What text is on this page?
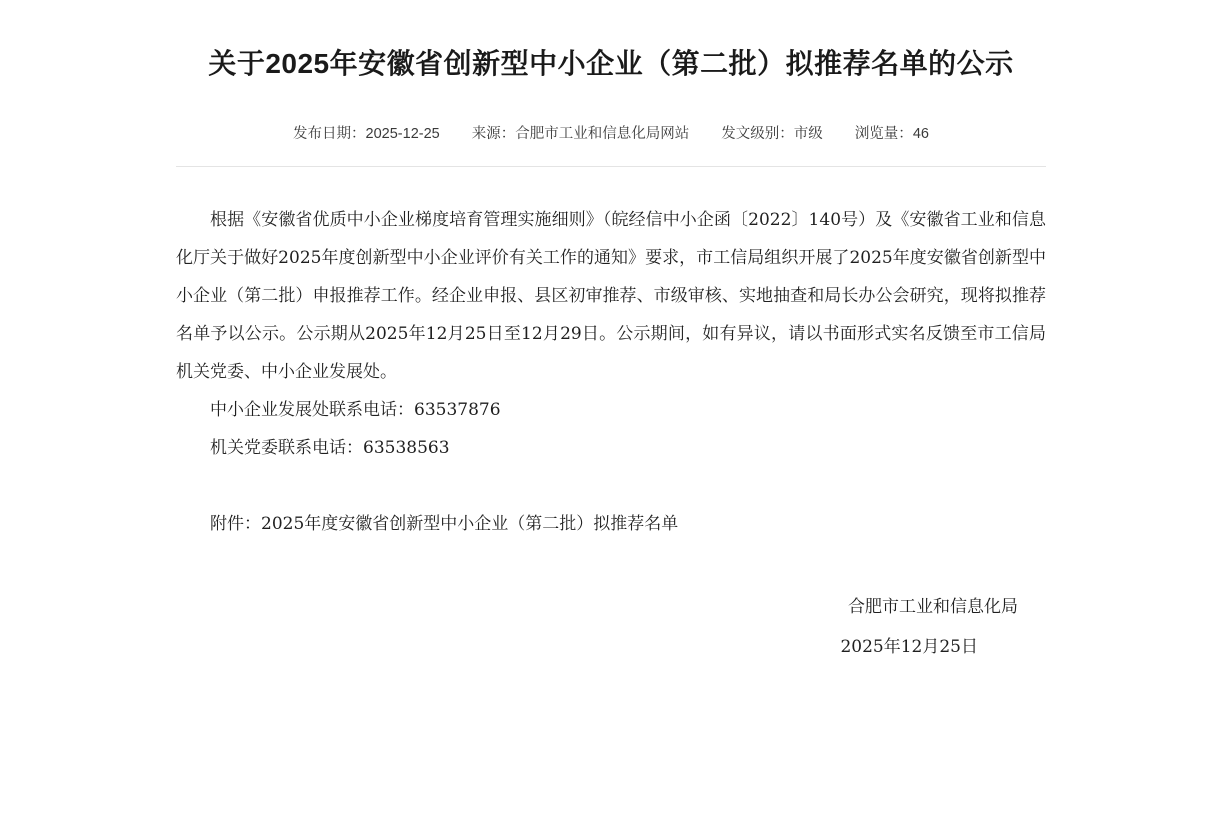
关于2025年安徽省创新型中小企业（第二批）拟推荐名单的公示
发布日期：2025-12-25 来源：合肥市工业和信息化局网站 发文级别：市级 浏览量：46

根据《安徽省优质中小企业梯度培育管理实施细则》（皖经信中小企函〔2022〕140号）及《安徽省工业和信息化厅关于做好2025年度创新型中小企业评价有关工作的通知》要求，市工信局组织开展了2025年度安徽省创新型中小企业（第二批）申报推荐工作。经企业申报、县区初审推荐、市级审核、实地抽查和局长办公会研究，现将拟推荐名单予以公示。公示期从2025年12月25日至12月29日。公示期间，如有异议，请以书面形式实名反馈至市工信局机关党委、中小企业发展处。

中小企业发展处联系电话：63537876

机关党委联系电话：63538563

附件：2025年度安徽省创新型中小企业（第二批）拟推荐名单
合肥市工业和信息化局
2025年12月25日
